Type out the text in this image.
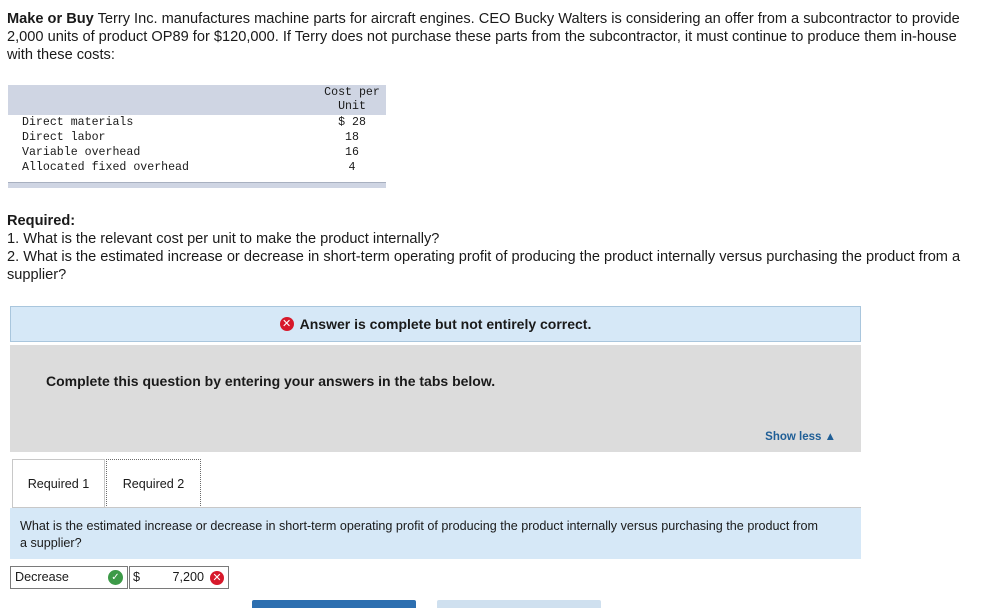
Make or Buy Terry Inc. manufactures machine parts for aircraft engines. CEO Bucky Walters is considering an offer from a subcontractor to provide 2,000 units of product OP89 for $120,000. If Terry does not purchase these parts from the subcontractor, it must continue to produce them in-house with these costs:

	Cost per
Unit

Direct materials	$ 28
Direct labor	18
Variable overhead	16
Allocated fixed overhead	4

Required:
1. What is the relevant cost per unit to make the product internally?
2. What is the estimated increase or decrease in short-term operating profit of producing the product internally versus purchasing the product from a supplier?
✕ Answer is complete but not entirely correct.
Complete this question by entering your answers in the tabs below.
Show less ▲
Required 1	Required 2
What is the estimated increase or decrease in short-term operating profit of producing the product internally versus purchasing the product from a supplier?
Decrease	✓ $	7,200 ✕
